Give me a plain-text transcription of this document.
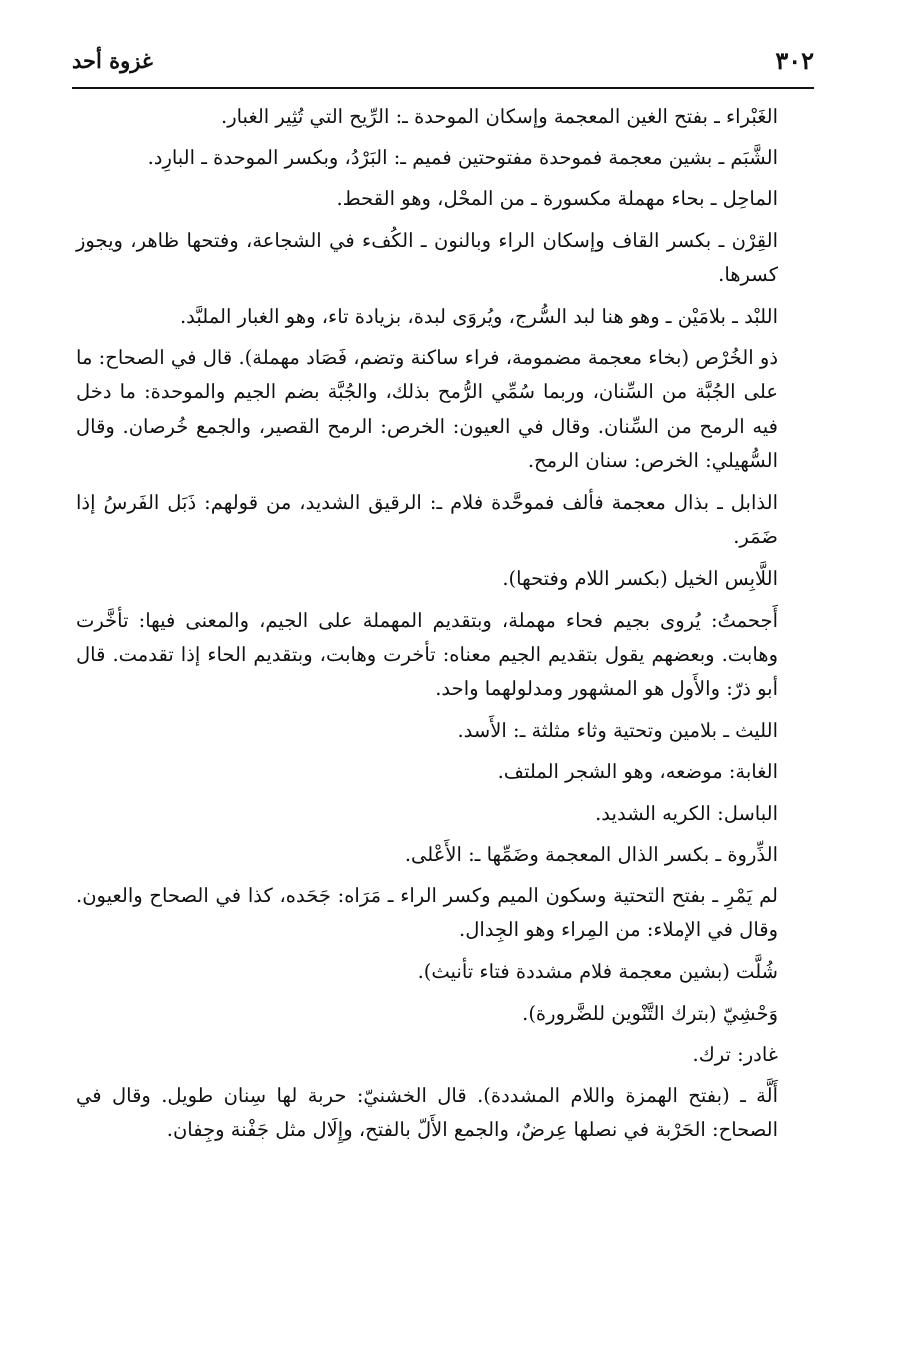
٣٠٢
غزوة أحد

الغَبْراء ـ بفتح الغين المعجمة وإسكان الموحدة ـ: الرِّيح التي تُثِير الغبار.

الشَّبَم ـ بشين معجمة فموحدة مفتوحتين فميم ـ: البَرْدُ، وبكسر الموحدة ـ البارِد.

الماحِل ـ بحاء مهملة مكسورة ـ من المحْل، وهو القحط.

القِرْن ـ بكسر القاف وإسكان الراء وبالنون ـ الكُفء في الشجاعة، وفتحها ظاهر، ويجوز كسرها.

اللبْد ـ بلامَيْن ـ وهو هنا لبد السُّرج، ويُروَى لبدة، بزيادة تاء، وهو الغبار الملبَّد.

ذو الخُرْص (بخاء معجمة مضمومة، فراء ساكنة وتضم، فَصَاد مهملة). قال في الصحاح: ما على الجُبَّة من السِّنان، وربما سُمِّي الرُّمح بذلك، والجُبَّة بضم الجيم والموحدة: ما دخل فيه الرمح من السِّنان. وقال في العيون: الخرص: الرمح القصير، والجمع خُرصان. وقال السُّهيلي: الخرص: سنان الرمح.

الذابل ـ بذال معجمة فألف فموحَّدة فلام ـ: الرقيق الشديد، من قولهم: ذَبَل الفَرسُ إذا ضَمَر.

اللَّابِس الخيل (بكسر اللام وفتحها).

أَجحمتُ: يُروى بجيم فحاء مهملة، وبتقديم المهملة على الجيم، والمعنى فيها: تأخَّرت وهابت. وبعضهم يقول بتقديم الجيم معناه: تأخرت وهابت، وبتقديم الحاء إذا تقدمت. قال أبو ذرّ: والأَول هو المشهور ومدلولهما واحد.

الليث ـ بلامين وتحتية وثاء مثلثة ـ: الأَسد.

الغابة: موضعه، وهو الشجر الملتف.

الباسل: الكريه الشديد.

الذِّروة ـ بكسر الذال المعجمة وضَمِّها ـ: الأَعْلى.

لم يَمْرِ ـ بفتح التحتية وسكون الميم وكسر الراء ـ مَرَاه: جَحَده، كذا في الصحاح والعيون. وقال في الإملاء: من المِراء وهو الجِدال.

شُلَّت (بشين معجمة فلام مشددة فتاء تأنيث).

وَحْشِيّ (بترك التَّنْوين للضَّرورة).

غادر: ترك.

أَلَّة ـ (بفتح الهمزة واللام المشددة). قال الخشنيّ: حربة لها سِنان طويل. وقال في الصحاح: الحَرْبة في نصلها عِرضٌ، والجمع الأَلّ بالفتح، وإِلَال مثل جَفْنة وجِفان.
